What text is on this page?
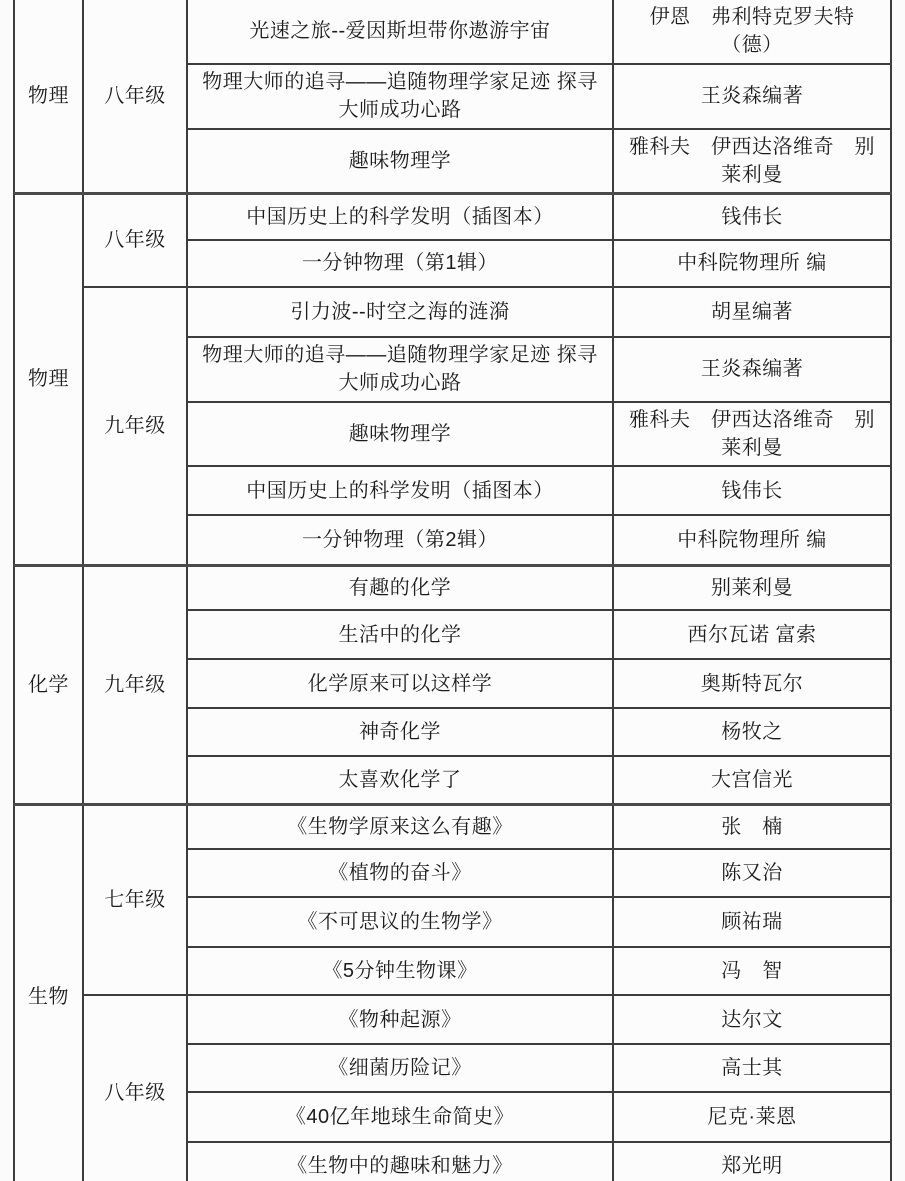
物理	八年级	光速之旅--爱因斯坦带你遨游宇宙	伊恩　弗利特克罗夫特（德）
		物理大师的追寻——追随物理学家足迹 探寻大师成功心路	王炎森编著
		趣味物理学	雅科夫　伊西达洛维奇　别莱利曼
物理	八年级	中国历史上的科学发明（插图本）	钱伟长
		一分钟物理（第1辑）	中科院物理所 编
	九年级	引力波--时空之海的涟漪	胡星编著
		物理大师的追寻——追随物理学家足迹 探寻大师成功心路	王炎森编著
		趣味物理学	雅科夫　伊西达洛维奇　别莱利曼
		中国历史上的科学发明（插图本）	钱伟长
		一分钟物理（第2辑）	中科院物理所 编
化学	九年级	有趣的化学	别莱利曼
		生活中的化学	西尔瓦诺 富索
		化学原来可以这样学	奥斯特瓦尔
		神奇化学	杨牧之
		太喜欢化学了	大宫信光
生物	七年级	《生物学原来这么有趣》	张　楠
		《植物的奋斗》	陈又治
		《不可思议的生物学》	顾祐瑞
		《5分钟生物课》	冯　智
	八年级	《物种起源》	达尔文
		《细菌历险记》	高士其
		《40亿年地球生命简史》	尼克·莱恩
		《生物中的趣味和魅力》	郑光明
